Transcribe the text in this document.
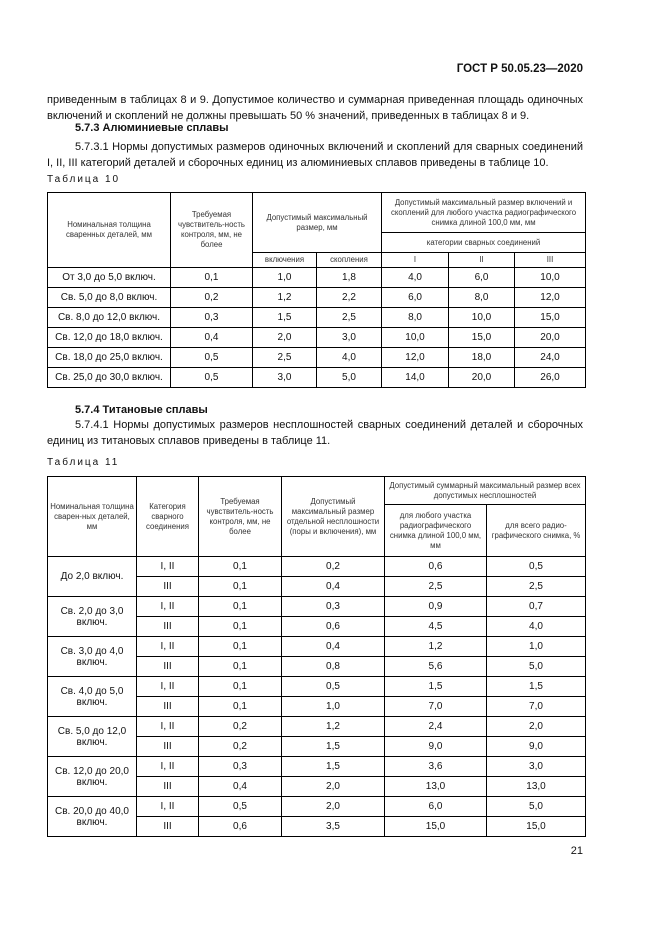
ГОСТ Р 50.05.23—2020
приведенным в таблицах 8 и 9. Допустимое количество и суммарная приведенная площадь одиночных включений и скоплений не должны превышать 50 % значений, приведенных в таблицах 8 и 9.
5.7.3 Алюминиевые сплавы
5.7.3.1 Нормы допустимых размеров одиночных включений и скоплений для сварных соединений I, II, III категорий деталей и сборочных единиц из алюминиевых сплавов приведены в таблице 10.
Таблица 10
Номинальная толщина сваренных деталей, мм	Требуемая чувствитель-ность контроля, мм, не более	Допустимый максимальный размер, мм		Допустимый максимальный размер включений и скоплений для любого участка радиографического снимка длиной 100,0 мм, мм		
				категории сварных соединений		
		включения	скопления	I	II	III
От 3,0 до 5,0 включ.	0,1	1,0	1,8	4,0	6,0	10,0
Св. 5,0 до 8,0 включ.	0,2	1,2	2,2	6,0	8,0	12,0
Св. 8,0 до 12,0 включ.	0,3	1,5	2,5	8,0	10,0	15,0
Св. 12,0 до 18,0 включ.	0,4	2,0	3,0	10,0	15,0	20,0
Св. 18,0 до 25,0 включ.	0,5	2,5	4,0	12,0	18,0	24,0
Св. 25,0 до 30,0 включ.	0,5	3,0	5,0	14,0	20,0	26,0
5.7.4 Титановые сплавы
5.7.4.1 Нормы допустимых размеров несплошностей сварных соединений деталей и сборочных единиц из титановых сплавов приведены в таблице 11.
Таблица 11
Номинальная толщина сварен-ных деталей, мм	Категория сварного соединения	Требуемая чувствитель-ность контроля, мм, не более	Допустимый максимальный размер отдельной несплошности (поры и включения), мм	Допустимый суммарный максимальный размер всех допустимых несплошностей	
				для любого участка радиографического снимка длиной 100,0 мм, мм	для всего радио-графического снимка, %
До 2,0 включ.	I, II	0,1	0,2	0,6	0,5
	III	0,1	0,4	2,5	2,5
Св. 2,0 до 3,0 включ.	I, II	0,1	0,3	0,9	0,7
	III	0,1	0,6	4,5	4,0
Св. 3,0 до 4,0 включ.	I, II	0,1	0,4	1,2	1,0
	III	0,1	0,8	5,6	5,0
Св. 4,0 до 5,0 включ.	I, II	0,1	0,5	1,5	1,5
	III	0,1	1,0	7,0	7,0
Св. 5,0 до 12,0 включ.	I, II	0,2	1,2	2,4	2,0
	III	0,2	1,5	9,0	9,0
Св. 12,0 до 20,0 включ.	I, II	0,3	1,5	3,6	3,0
	III	0,4	2,0	13,0	13,0
Св. 20,0 до 40,0 включ.	I, II	0,5	2,0	6,0	5,0
	III	0,6	3,5	15,0	15,0
21
